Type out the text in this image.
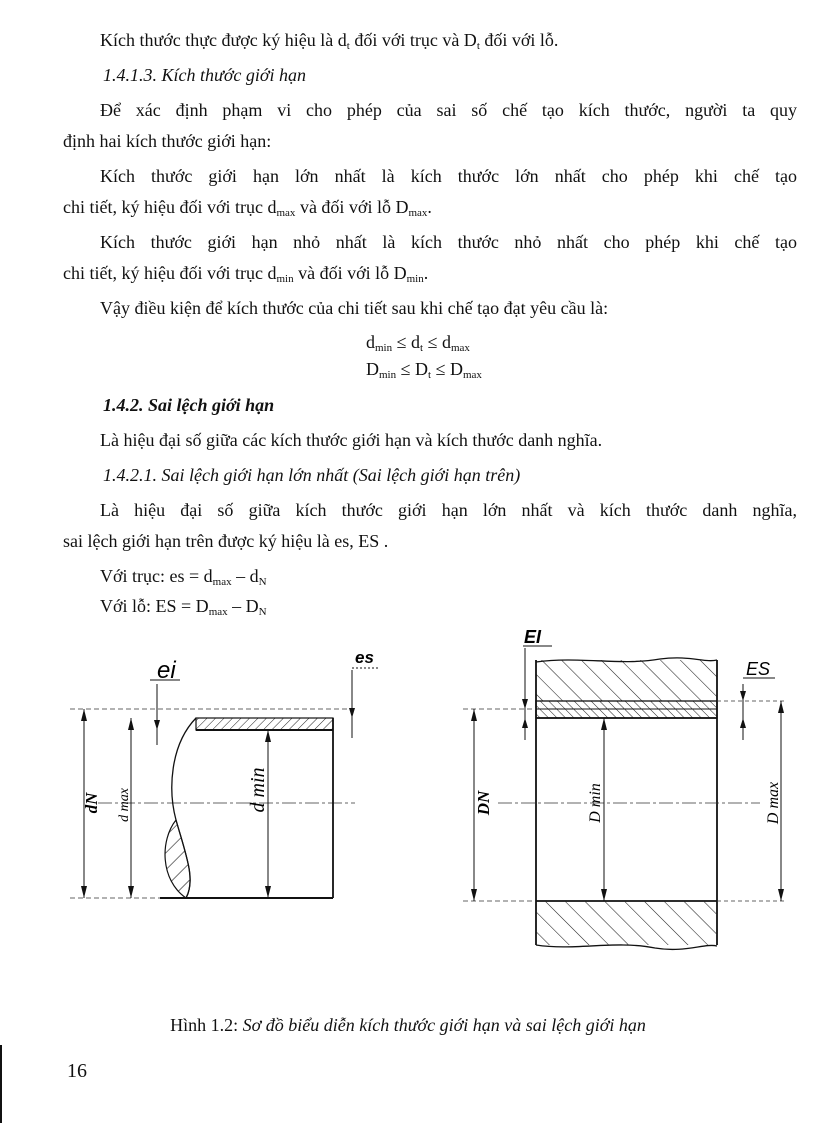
Kích thước thực được ký hiệu là $d_t$ đối với trục và $D_t$ đối với lỗ.
1.4.1.3. Kích thước giới hạn
Để xác định phạm vi cho phép của sai số chế tạo kích thước, người ta quy
định hai kích thước giới hạn:
Kích thước giới hạn lớn nhất là kích thước lớn nhất cho phép khi chế tạo
chi tiết, ký hiệu đối với trục $d_{max}$ và đối với lỗ $D_{max}$.
Kích thước giới hạn nhỏ nhất là kích thước nhỏ nhất cho phép khi chế tạo
chi tiết, ký hiệu đối với trục $d_{min}$ và đối với lỗ $D_{min}$.
Vậy điều kiện để kích thước của chi tiết sau khi chế tạo đạt yêu cầu là:
$d_{min} \le d_t \le d_{max}$
$D_{min} \le D_t \le D_{max}$
1.4.2. Sai lệch giới hạn
Là hiệu đại số giữa các kích thước giới hạn và kích thước danh nghĩa.
1.4.2.1. Sai lệch giới hạn lớn nhất (Sai lệch giới hạn trên)
Là hiệu đại số giữa kích thước giới hạn lớn nhất và kích thước danh nghĩa,
sai lệch giới hạn trên được ký hiệu là es, ES .
Với trục: es = $d_{max} - d_N$
Với lỗ: ES = $D_{max} - D_N$
ei	es
EI
ES
dN d max	d min	DN	D min	D max
Hình 1.2: Sơ đồ biểu diễn kích thước giới hạn và sai lệch giới hạn
16
